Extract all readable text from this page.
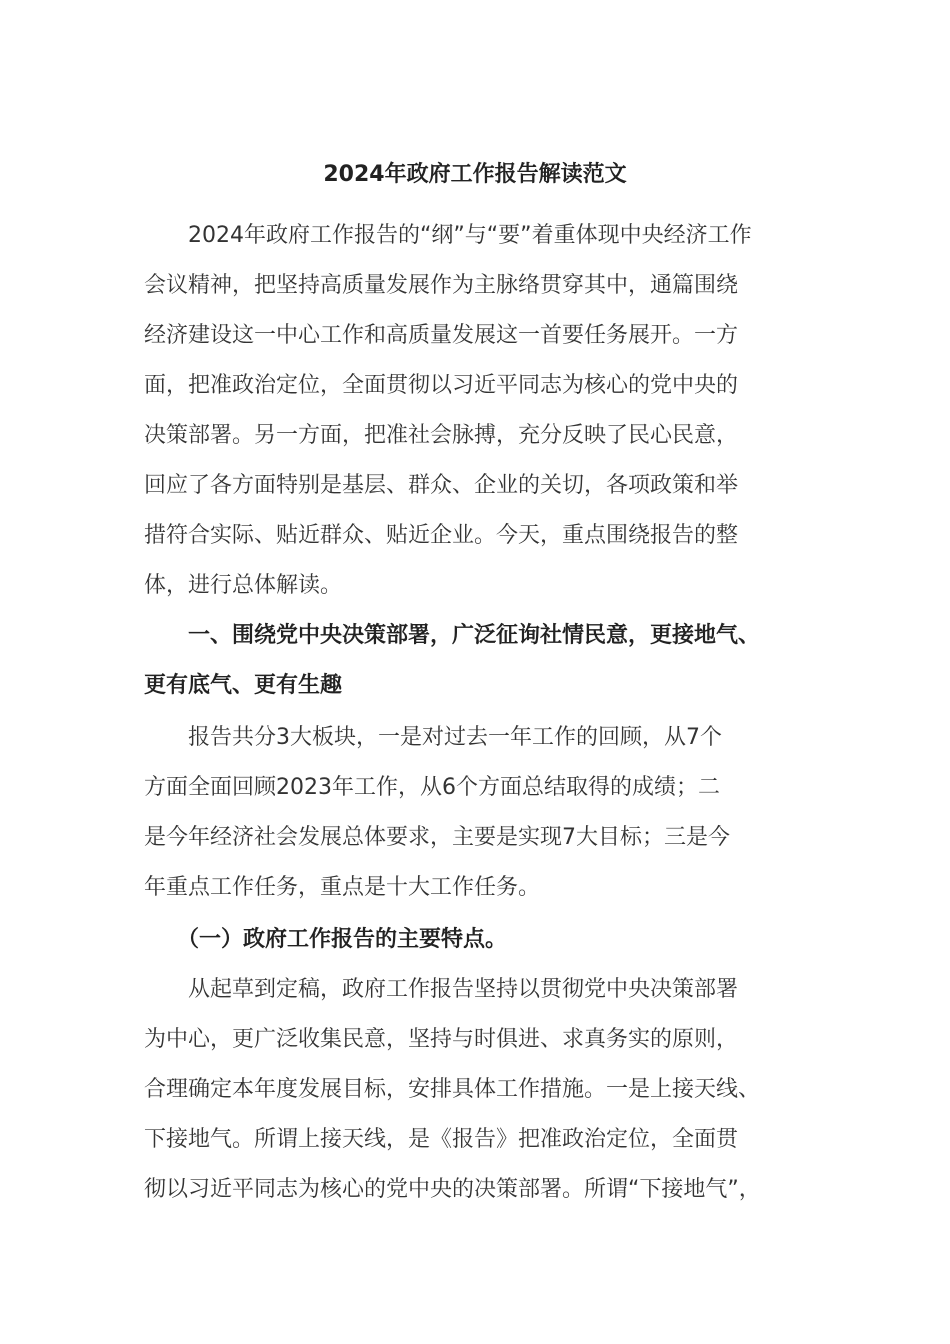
2024年政府工作报告解读范文
　　2024年政府工作报告的“纲”与“要”着重体现中央经济工作
会议精神，把坚持高质量发展作为主脉络贯穿其中，通篇围绕
经济建设这一中心工作和高质量发展这一首要任务展开。一方
面，把准政治定位，全面贯彻以习近平同志为核心的党中央的
决策部署。另一方面，把准社会脉搏，充分反映了民心民意，
回应了各方面特别是基层、群众、企业的关切，各项政策和举
措符合实际、贴近群众、贴近企业。今天，重点围绕报告的整
体，进行总体解读。
　　一、围绕党中央决策部署，广泛征询社情民意，更接地气、
更有底气、更有生趣
　　报告共分3大板块，一是对过去一年工作的回顾，从7个
方面全面回顾2023年工作，从6个方面总结取得的成绩；二
是今年经济社会发展总体要求，主要是实现7大目标；三是今
年重点工作任务，重点是十大工作任务。
　　（一）政府工作报告的主要特点。
　　从起草到定稿，政府工作报告坚持以贯彻党中央决策部署
为中心，更广泛收集民意，坚持与时俱进、求真务实的原则，
合理确定本年度发展目标，安排具体工作措施。一是上接天线、
下接地气。所谓上接天线，是《报告》把准政治定位，全面贯
彻以习近平同志为核心的党中央的决策部署。所谓“下接地气”，
